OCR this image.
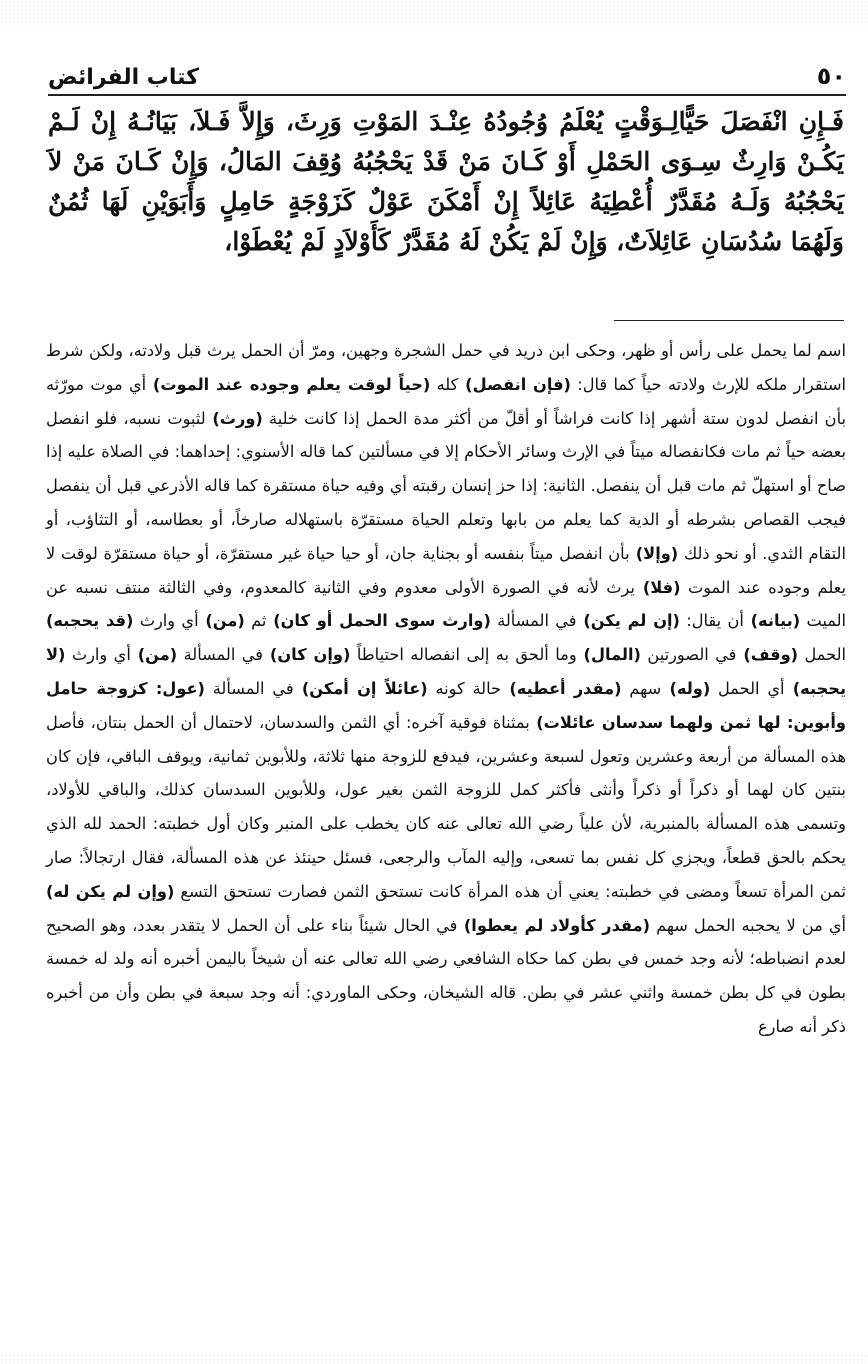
٥٠
كتاب الفرائض

فَـإِنِ انْفَصَلَ حَيًّالِـوَقْتٍ يُعْلَمُ وُجُودُهُ عِنْـدَ المَوْتِ وَرِثَ، وَإِلاَّ فَـلاَ، بَيَانُـهُ إِنْ لَـمْ يَكُـنْ وَارِثٌ سِـوَى الحَمْلِ أَوْ كَـانَ مَنْ قَدْ يَحْجُبُهُ وُقِفَ المَالُ، وَإِنْ كَـانَ مَنْ لاَ يَحْجُبُهُ وَلَـهُ مُقَدَّرٌ أُعْطِيَهُ عَائِلاً إِنْ أَمْكَنَ عَوْلٌ كَزَوْجَةٍ حَامِلٍ وَأَبَوَيْنِ لَهَا ثُمُنٌ وَلَهُمَا سُدُسَانِ عَائِلاَتٌ، وَإِنْ لَمْ يَكُنْ لَهُ مُقَدَّرٌ كَأَوْلاَدٍ لَمْ يُعْطَوْا،

اسم لما يحمل على رأس أو ظهر، وحكى ابن دريد في حمل الشجرة وجهين، ومرّ أن الحمل يرث قبل ولادته، ولكن شرط استقرار ملكه للإرث ولادته حياً كما قال: (فإن انفصل) كله (حياً لوقت يعلم وجوده عند الموت) أي موت مورّثه بأن انفصل لدون ستة أشهر إذا كانت فراشاً أو أقلّ من أكثر مدة الحمل إذا كانت خلية (ورث) لثبوت نسبه، فلو انفصل بعضه حياً ثم مات فكانفصاله ميتاً في الإرث وسائر الأحكام إلا في مسألتين كما قاله الأسنوي: إحداهما: في الصلاة عليه إذا صاح أو استهلّ ثم مات قبل أن ينفصل. الثانية: إذا حز إنسان رقبته أي وفيه حياة مستقرة كما قاله الأذرعي قبل أن ينفصل فيجب القصاص بشرطه أو الدية كما يعلم من بابها وتعلم الحياة مستقرّة باستهلاله صارخاً، أو بعطاسه، أو التثاؤب، أو التقام الثدي. أو نحو ذلك (وإلا) بأن انفصل ميتاً بنفسه أو بجناية جان، أو حيا حياة غير مستقرّة، أو حياة مستقرّة لوقت لا يعلم وجوده عند الموت (فلا) يرث لأنه في الصورة الأولى معدوم وفي الثانية كالمعدوم، وفي الثالثة منتف نسبه عن الميت (بيانه) أن يقال: (إن لم يكن) في المسألة (وارث سوى الحمل أو كان) ثم (من) أي وارث (قد يحجبه) الحمل (وقف) في الصورتين (المال) وما ألحق به إلى انفصاله احتياطاً (وإن كان) في المسألة (من) أي وارث (لا يحجبه) أي الحمل (وله) سهم (مقدر أعطيه) حالة كونه (عائلاً إن أمكن) في المسألة (عول: كزوجة حامل وأبوين: لها ثمن ولهما سدسان عائلات) بمثناة فوقية آخره: أي الثمن والسدسان، لاحتمال أن الحمل بنتان، فأصل هذه المسألة من أربعة وعشرين وتعول لسبعة وعشرين، فيدفع للزوجة منها ثلاثة، وللأبوين ثمانية، ويوقف الباقي، فإن كان بنتين كان لهما أو ذكراً أو ذكراً وأنثى فأكثر كمل للزوجة الثمن بغير عول، وللأبوين السدسان كذلك، والباقي للأولاد، وتسمى هذه المسألة بالمنبرية، لأن علياً رضي الله تعالى عنه كان يخطب على المنبر وكان أول خطبته: الحمد لله الذي يحكم بالحق قطعاً، ويجزي كل نفس بما تسعى، وإليه المآب والرجعى، فسئل حينئذ عن هذه المسألة، فقال ارتجالاً: صار ثمن المرأة تسعاً ومضى في خطبته: يعني أن هذه المرأة كانت تستحق الثمن فصارت تستحق التسع (وإن لم يكن له) أي من لا يحجبه الحمل سهم (مقدر كأولاد لم يعطوا) في الحال شيئاً بناء على أن الحمل لا يتقدر بعدد، وهو الصحيح لعدم انضباطه؛ لأنه وجد خمس في بطن كما حكاه الشافعي رضي الله تعالى عنه أن شيخاً باليمن أخبره أنه ولد له خمسة بطون في كل بطن خمسة واثني عشر في بطن. قاله الشيخان، وحكى الماوردي: أنه وجد سبعة في بطن وأن من أخبره ذكر أنه صارع
